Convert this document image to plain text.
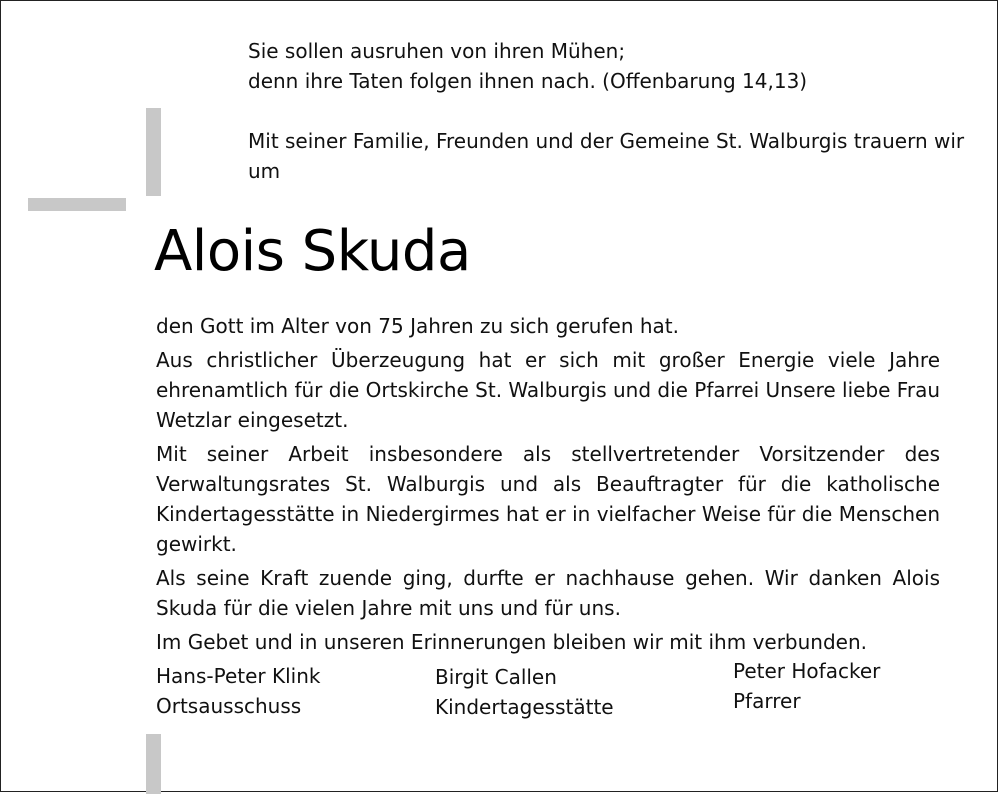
Sie sollen ausruhen von ihren Mühen;
denn ihre Taten folgen ihnen nach. (Offenbarung 14,13)
Mit seiner Familie, Freunden und der Gemeine St. Walburgis trauern wir um
Alois Skuda

den Gott im Alter von 75 Jahren zu sich gerufen hat.

Aus christlicher Überzeugung hat er sich mit großer Energie viele Jahre ehrenamtlich für die Ortskirche St. Walburgis und die Pfarrei Unsere liebe Frau Wetzlar eingesetzt.

Mit seiner Arbeit insbesondere als stellvertretender Vorsitzender des Verwaltungsrates St. Walburgis und als Beauftragter für die katholische Kindertagesstätte in Niedergirmes hat er in vielfacher Weise für die Menschen gewirkt.

Als seine Kraft zuende ging, durfte er nachhause gehen. Wir danken Alois Skuda für die vielen Jahre mit uns und für uns.

Im Gebet und in unseren Erinnerungen bleiben wir mit ihm verbunden.

Hans-Peter Klink
Ortsausschuss
Birgit Callen
Kindertagesstätte
Peter Hofacker
Pfarrer
